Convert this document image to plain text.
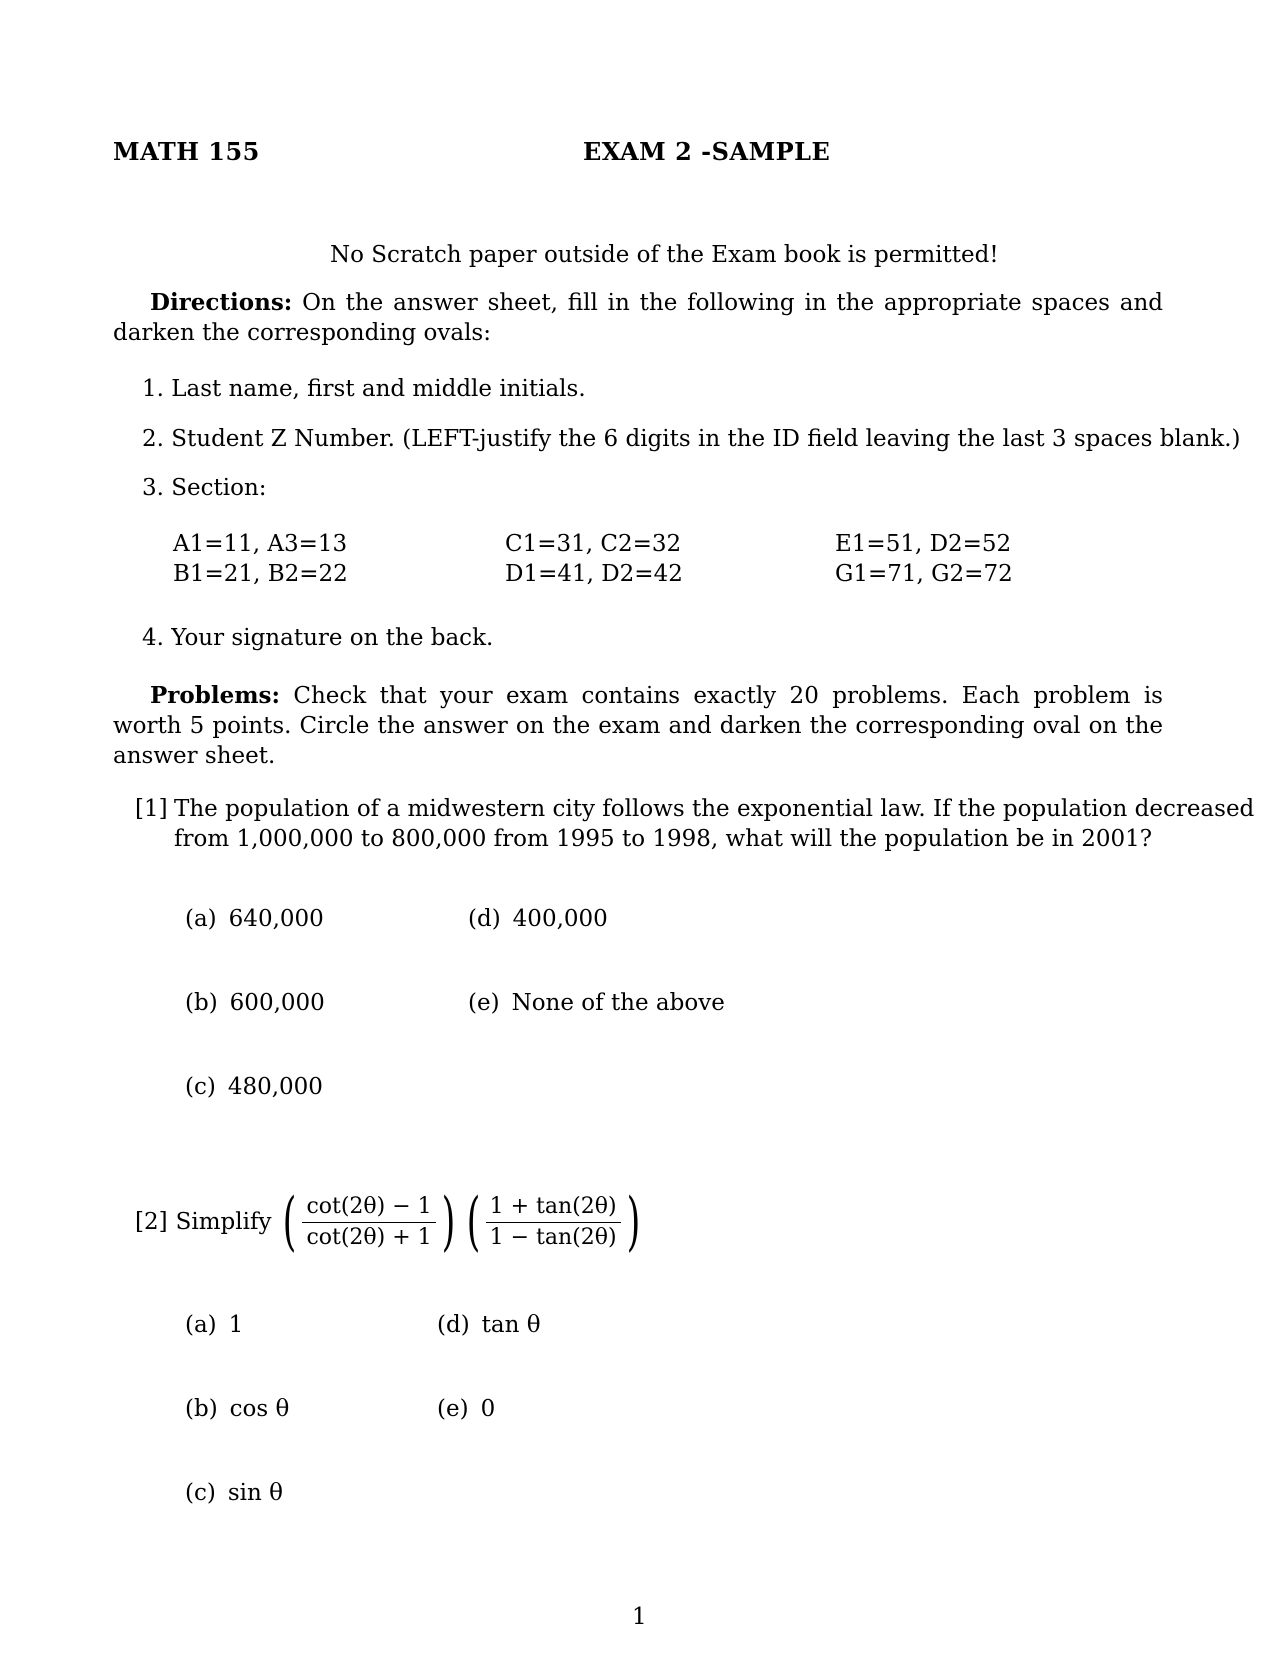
MATH 155	EXAM 2 -SAMPLE
No Scratch paper outside of the Exam book is permitted!
Directions: On the answer sheet, fill in the following in the appropriate spaces and darken the corresponding ovals:
1. Last name, first and middle initials.
2. Student Z Number. (LEFT-justify the 6 digits in the ID field leaving the last 3 spaces blank.)
3. Section:
A1=11, A3=13
B1=21, B2=22
C1=31, C2=32
D1=41, D2=42
E1=51, D2=52
G1=71, G2=72
4. Your signature on the back.
Problems: Check that your exam contains exactly 20 problems. Each problem is worth 5 points. Circle the answer on the exam and darken the corresponding oval on the answer sheet.
[1] The population of a midwestern city follows the exponential law. If the population decreased
from 1,000,000 to 800,000 from 1995 to 1998, what will the population be in 2001?
(a) 640,000
(b) 600,000
(c) 480,000
(d) 400,000
(e) None of the above
[2] Simplify ( $\frac{\cot(2\theta) - 1}{\cot(2\theta) + 1}$ ) ( $\frac{1 + \tan(2\theta)}{1 - \tan(2\theta)}$ )
(a) 1
(b) cos θ
(c) sin θ
(d) tan θ
(e) 0
1
